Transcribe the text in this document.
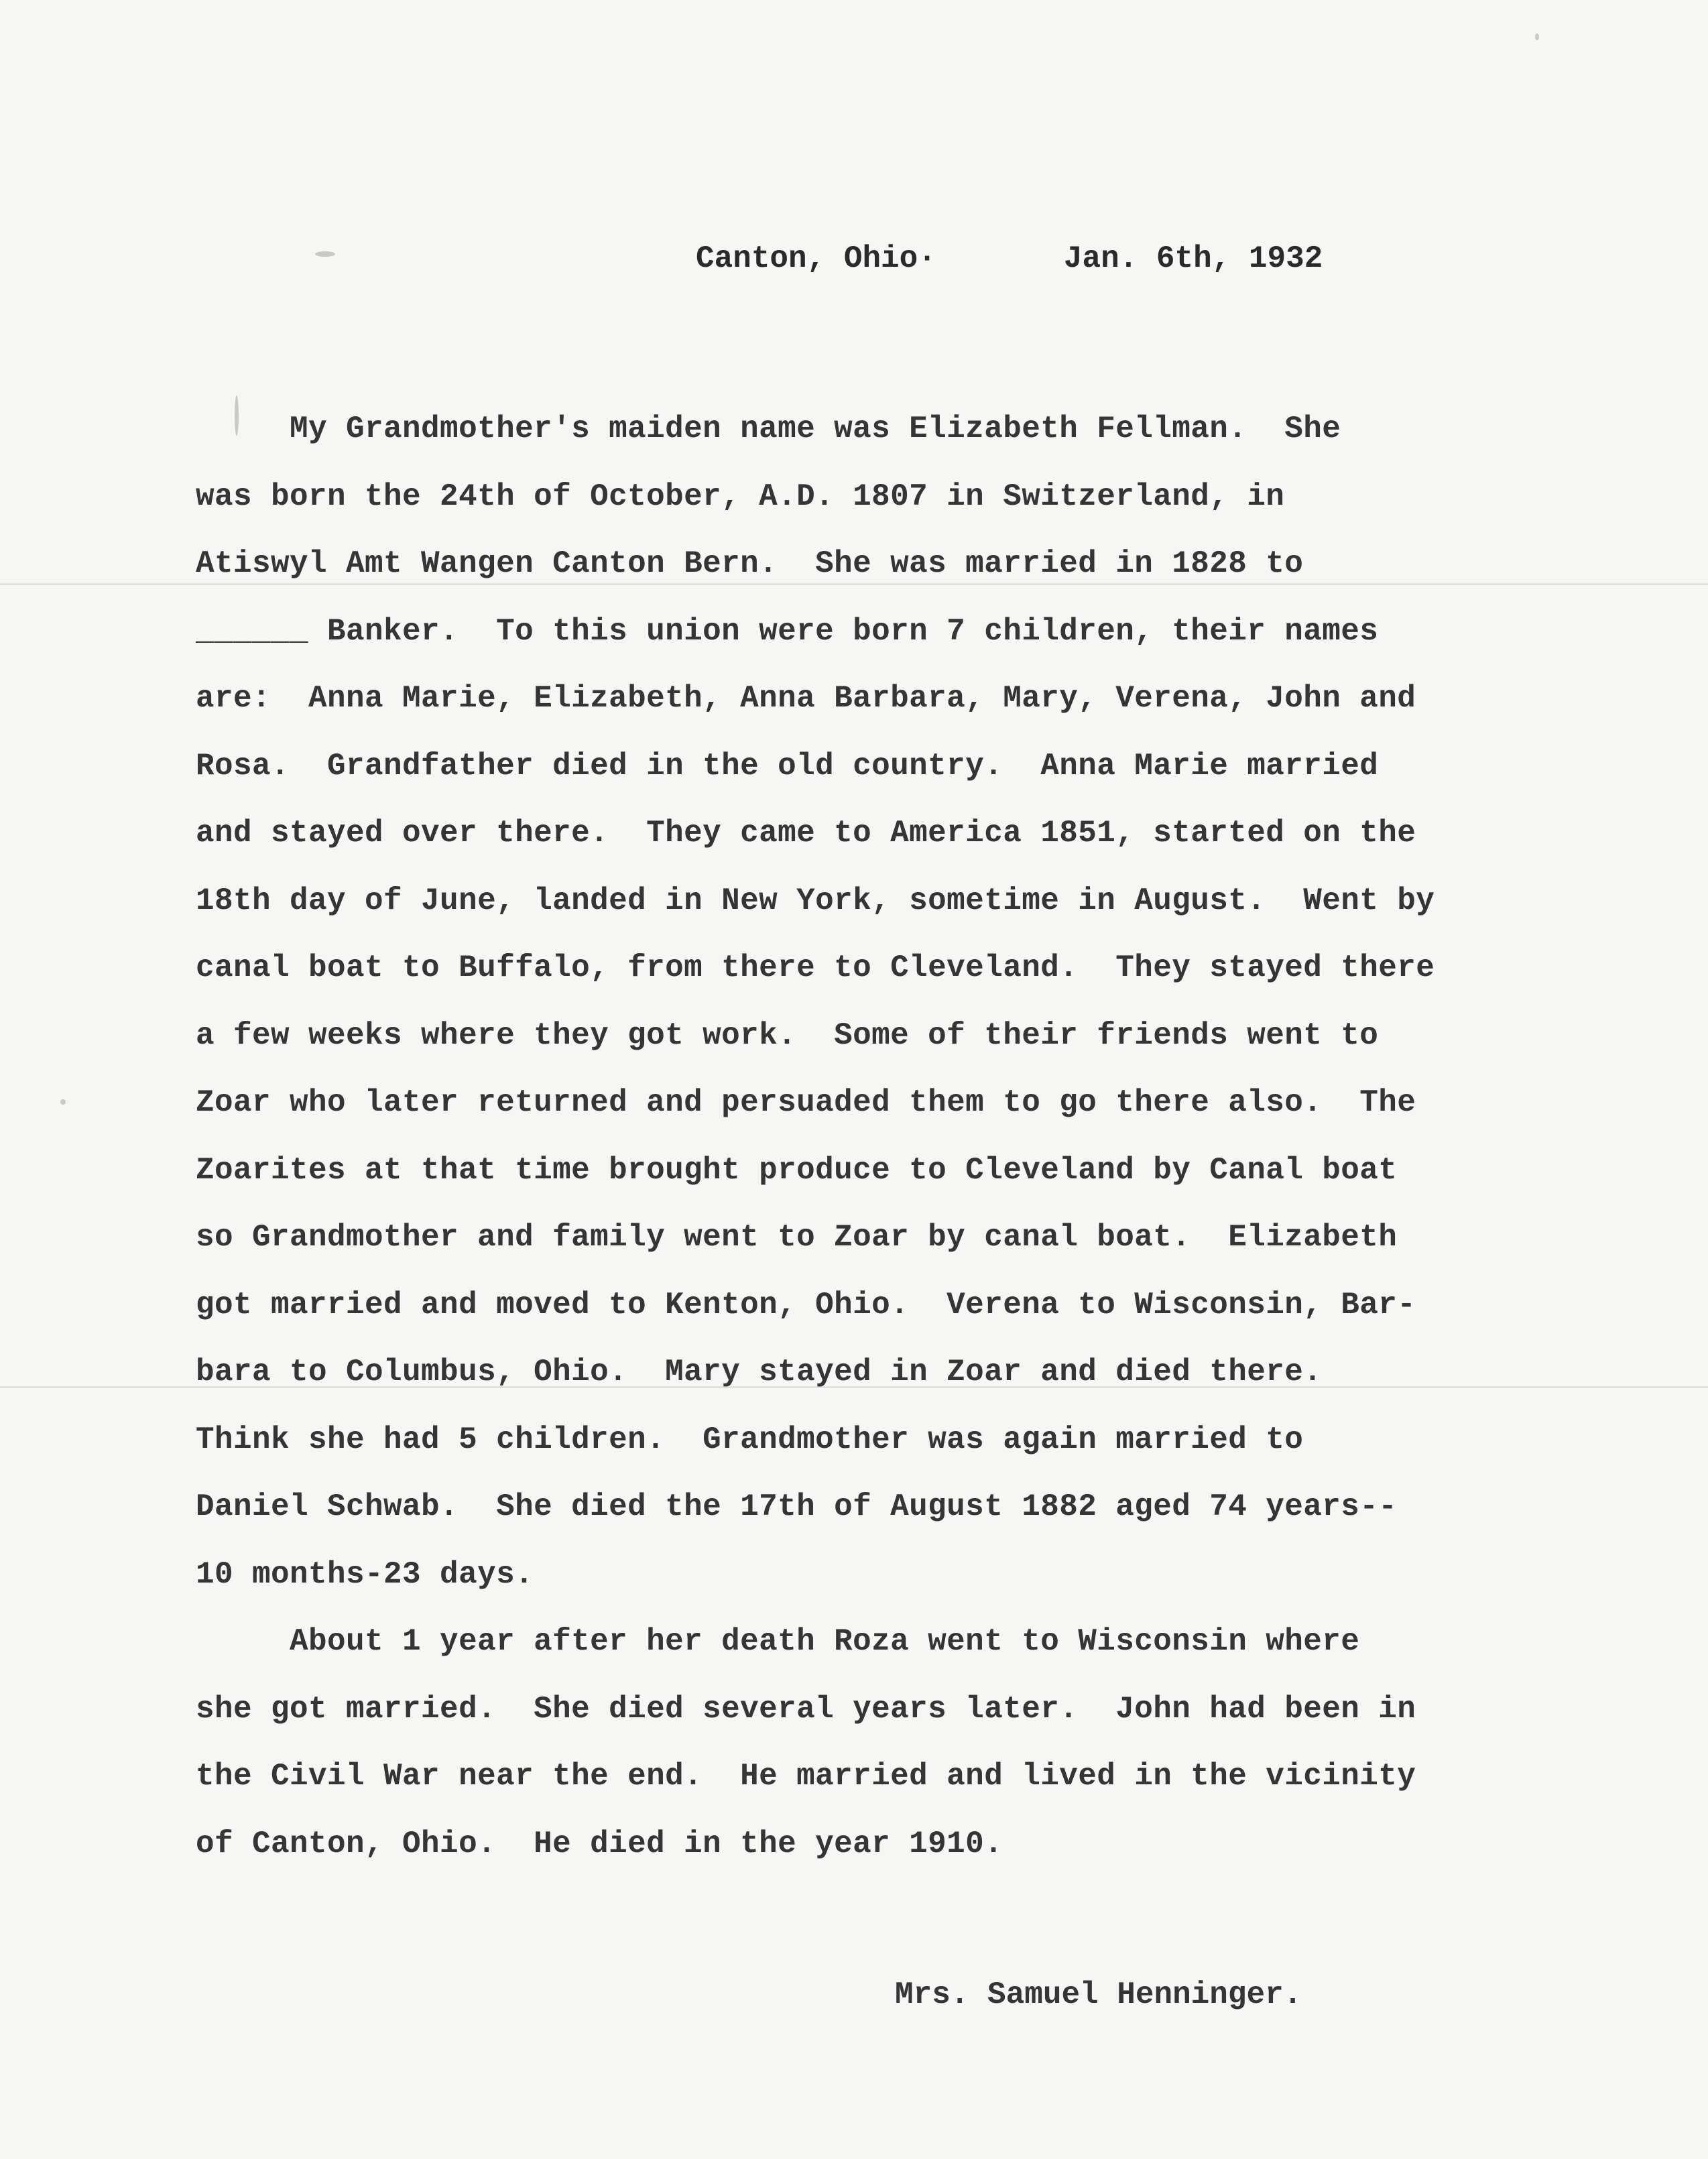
Canton, Ohio·	Jan. 6th, 1932
My Grandmother's maiden name was Elizabeth Fellman.  She
was born the 24th of October, A.D. 1807 in Switzerland, in
Atiswyl Amt Wangen Canton Bern.  She was married in 1828 to
______ Banker.  To this union were born 7 children, their names
are:  Anna Marie, Elizabeth, Anna Barbara, Mary, Verena, John and
Rosa.  Grandfather died in the old country.  Anna Marie married
and stayed over there.  They came to America 1851, started on the
18th day of June, landed in New York, sometime in August.  Went by
canal boat to Buffalo, from there to Cleveland.  They stayed there
a few weeks where they got work.  Some of their friends went to
Zoar who later returned and persuaded them to go there also.  The
Zoarites at that time brought produce to Cleveland by Canal boat
so Grandmother and family went to Zoar by canal boat.  Elizabeth
got married and moved to Kenton, Ohio.  Verena to Wisconsin, Bar-
bara to Columbus, Ohio.  Mary stayed in Zoar and died there.
Think she had 5 children.  Grandmother was again married to
Daniel Schwab.  She died the 17th of August 1882 aged 74 years--
10 months-23 days.
About 1 year after her death Roza went to Wisconsin where
she got married.  She died several years later.  John had been in
the Civil War near the end.  He married and lived in the vicinity
of Canton, Ohio.  He died in the year 1910.
Mrs. Samuel Henninger.
